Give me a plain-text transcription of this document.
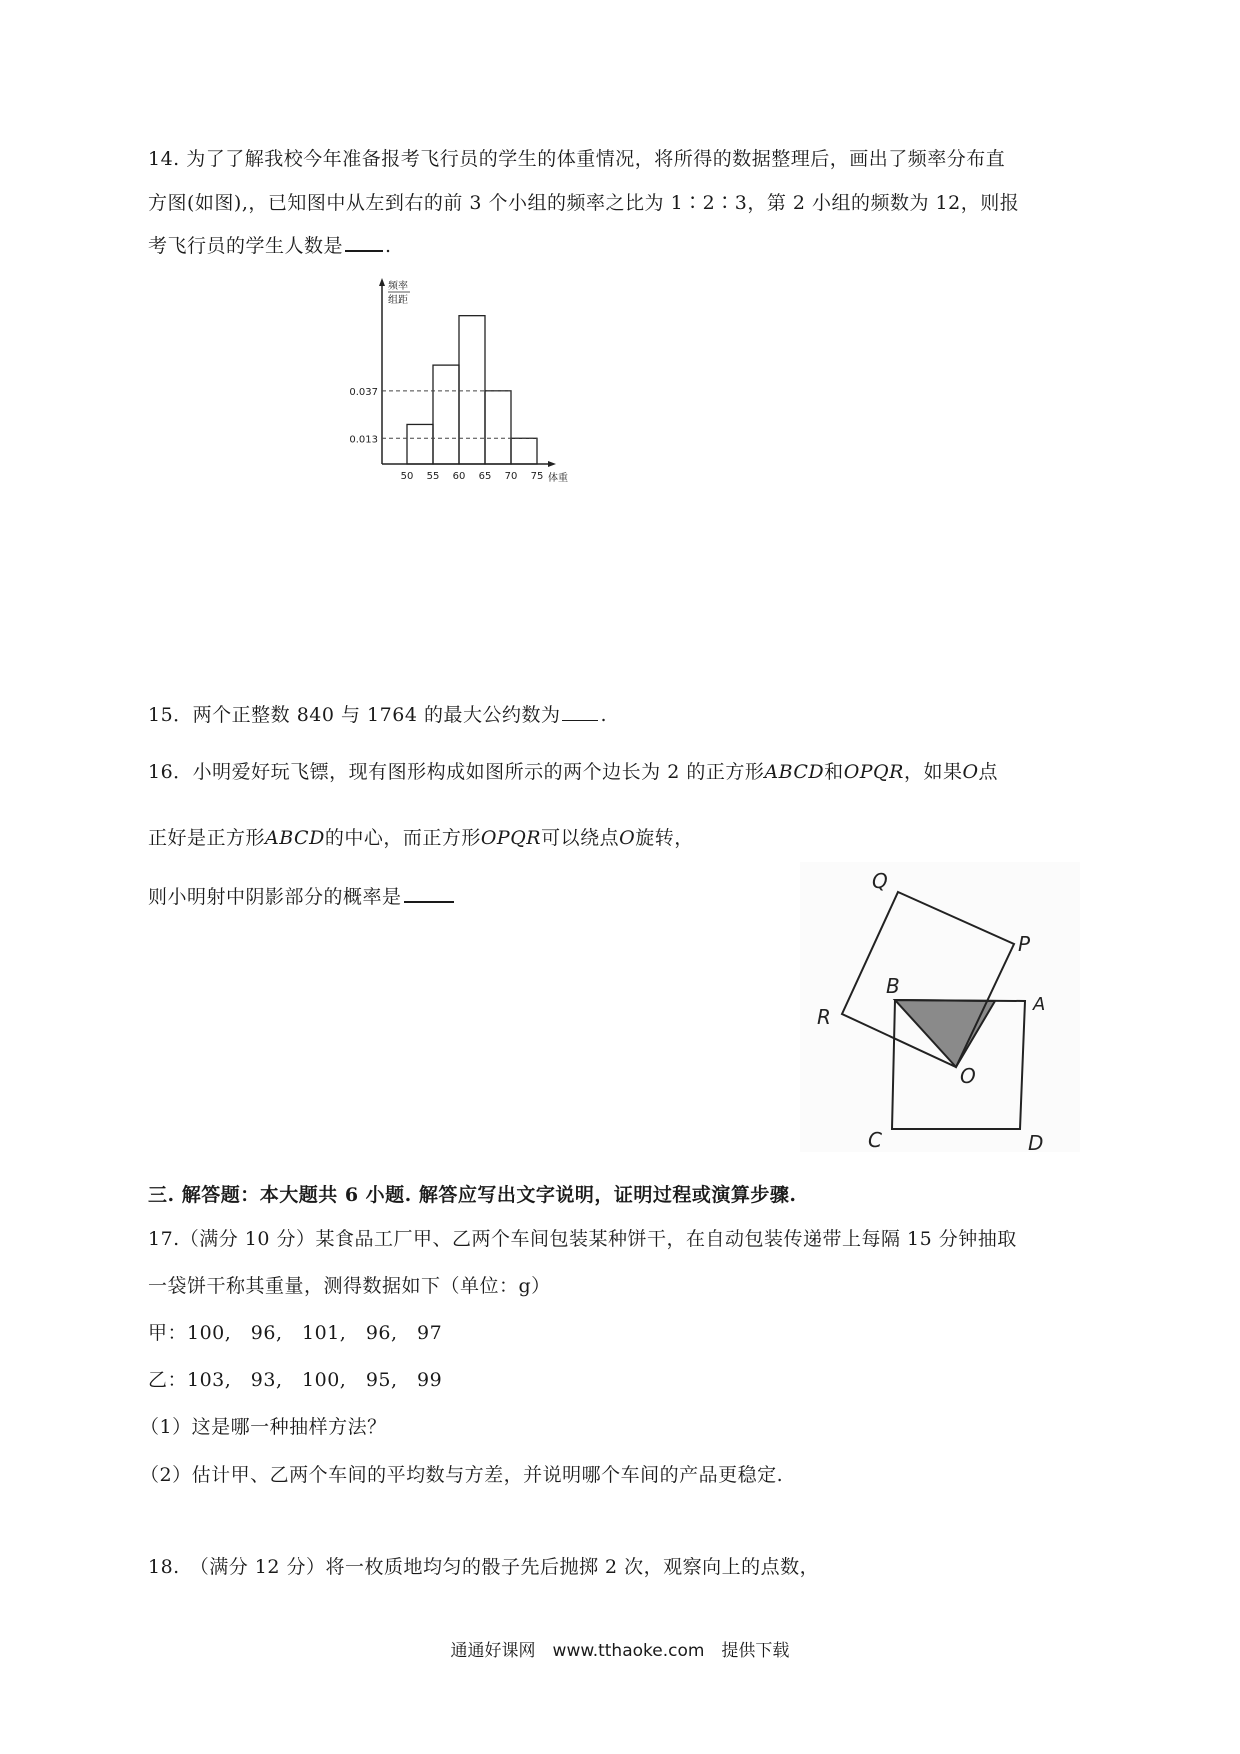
14. 为了了解我校今年准备报考飞行员的学生的体重情况，将所得的数据整理后，画出了频率分布直
方图(如图),，已知图中从左到右的前 3 个小组的频率之比为 1∶2∶3，第 2 小组的频数为 12，则报
考飞行员的学生人数是 .
0.037
0.013
50 55 60 65 70 75
频率
组距
体重
15．两个正整数 840 与 1764 的最大公约数为 .
16．小明爱好玩飞镖，现有图形构成如图所示的两个边长为 2 的正方形ABCD和OPQR，如果O点
正好是正方形ABCD的中心，而正方形OPQR可以绕点O旋转，
则小明射中阴影部分的概率是
Q
P
B
A
R
O
C	D
三. 解答题：本大题共 6 小题. 解答应写出文字说明，证明过程或演算步骤.
17.（满分 10 分）某食品工厂甲、乙两个车间包装某种饼干，在自动包装传递带上每隔 15 分钟抽取
一袋饼干称其重量，测得数据如下（单位：g）
甲：100,　96,　101,　96,　97
乙：103,　93,　100,　95,　99
（1）这是哪一种抽样方法？
（2）估计甲、乙两个车间的平均数与方差，并说明哪个车间的产品更稳定.
18.　（满分 12 分）将一枚质地均匀的骰子先后抛掷 2 次，观察向上的点数，
通通好课网　www.tthaoke.com　提供下载
